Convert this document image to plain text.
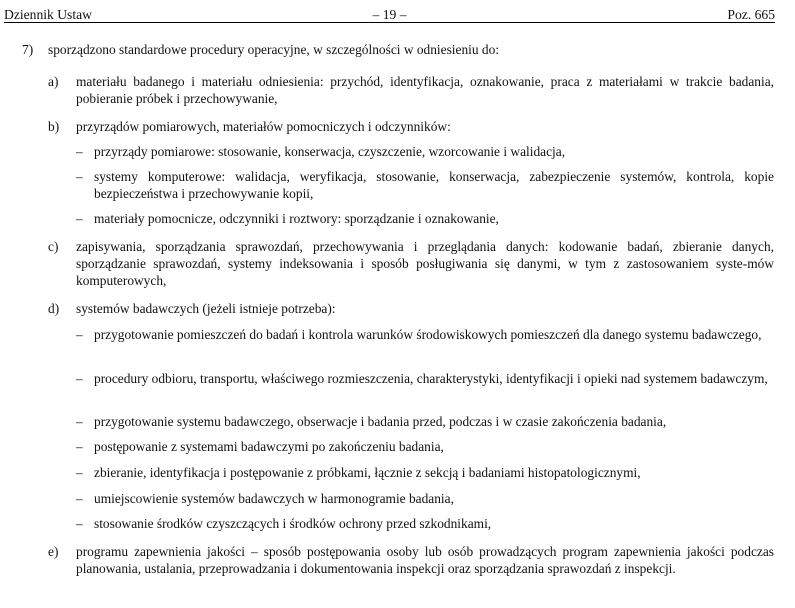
Dziennik Ustaw	– 19 –	Poz. 665
7) sporządzono standardowe procedury operacyjne, w szczególności w odniesieniu do:
a) materiału badanego i materiału odniesienia: przychód, identyfikacja, oznakowanie, praca z materiałami w trakcie badania, pobieranie próbek i przechowywanie,
b) przyrządów pomiarowych, materiałów pomocniczych i odczynników:
– przyrządy pomiarowe: stosowanie, konserwacja, czyszczenie, wzorcowanie i walidacja,
– systemy komputerowe: walidacja, weryfikacja, stosowanie, konserwacja, zabezpieczenie systemów, kontrola, kopie bezpieczeństwa i przechowywanie kopii,
– materiały pomocnicze, odczynniki i roztwory: sporządzanie i oznakowanie,
c) zapisywania, sporządzania sprawozdań, przechowywania i przeglądania danych: kodowanie badań, zbieranie danych, sporządzanie sprawozdań, systemy indeksowania i sposób posługiwania się danymi, w tym z zastosowaniem syste-mów komputerowych,
d) systemów badawczych (jeżeli istnieje potrzeba):
– przygotowanie pomieszczeń do badań i kontrola warunków środowiskowych pomieszczeń dla danego systemu badawczego,
– procedury odbioru, transportu, właściwego rozmieszczenia, charakterystyki, identyfikacji i opieki nad systemem badawczym,
– przygotowanie systemu badawczego, obserwacje i badania przed, podczas i w czasie zakończenia badania,
– postępowanie z systemami badawczymi po zakończeniu badania,
– zbieranie, identyfikacja i postępowanie z próbkami, łącznie z sekcją i badaniami histopatologicznymi,
– umiejscowienie systemów badawczych w harmonogramie badania,
– stosowanie środków czyszczących i środków ochrony przed szkodnikami,
e) programu zapewnienia jakości – sposób postępowania osoby lub osób prowadzących program zapewnienia jakości podczas planowania, ustalania, przeprowadzania i dokumentowania inspekcji oraz sporządzania sprawozdań z inspekcji.
